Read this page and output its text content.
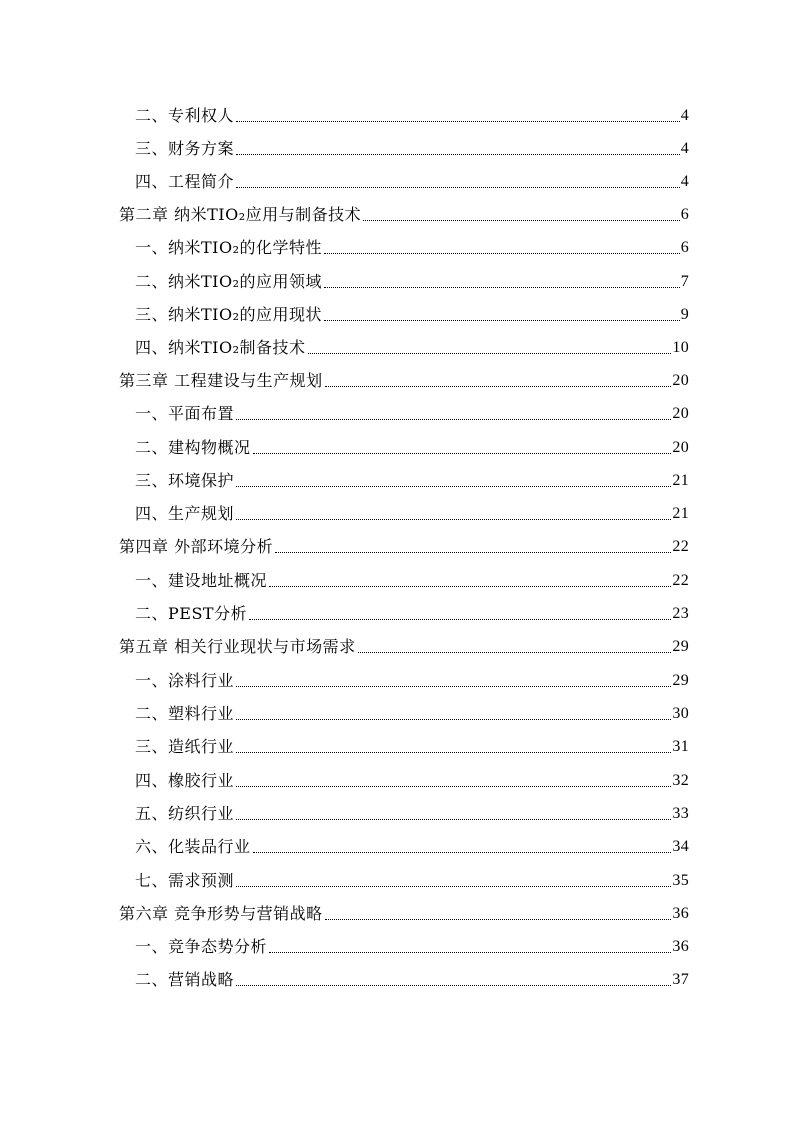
二、专利权人	4
三、财务方案	4
四、工程简介	4
第二章 纳米TIO₂应用与制备技术	6
一、纳米TIO₂的化学特性	6
二、纳米TIO₂的应用领域	7
三、纳米TIO₂的应用现状	9
四、纳米TIO₂制备技术	10
第三章 工程建设与生产规划	20
一、平面布置	20
二、建构物概况	20
三、环境保护	21
四、生产规划	21
第四章 外部环境分析	22
一、建设地址概况	22
二、PEST分析	23
第五章 相关行业现状与市场需求	29
一、涂料行业	29
二、塑料行业	30
三、造纸行业	31
四、橡胶行业	32
五、纺织行业	33
六、化装品行业	34
七、需求预测	35
第六章 竞争形势与营销战略	36
一、竞争态势分析	36
二、营销战略	37
